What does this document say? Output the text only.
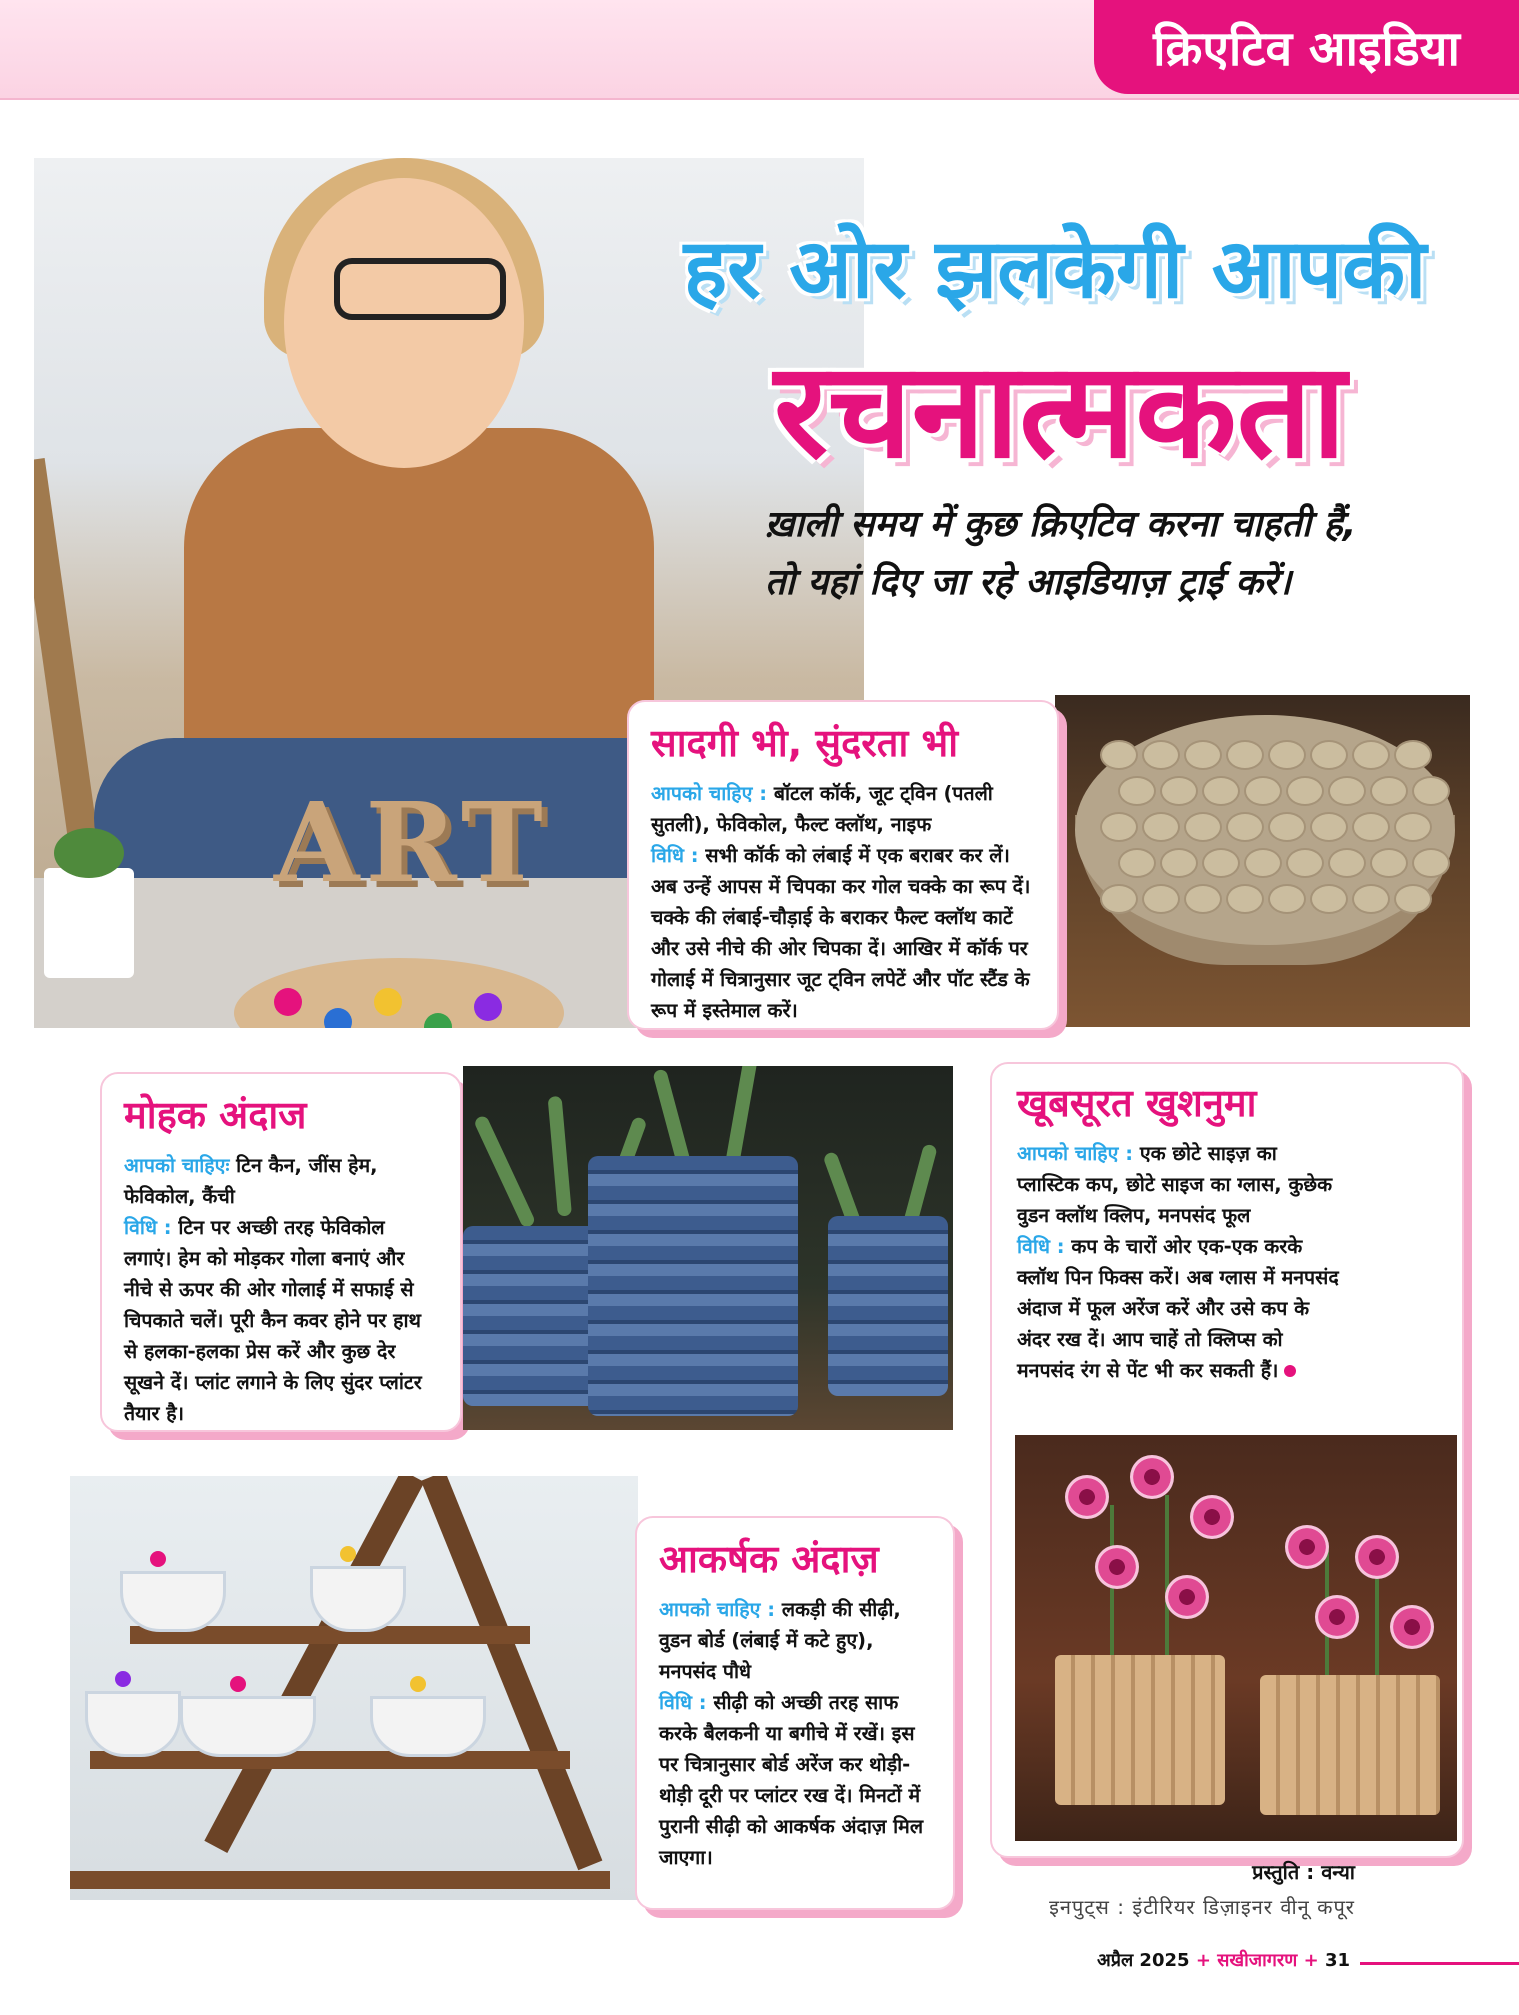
क्रिएटिव आइडिया
ART
हर ओर झलकेगी आपकी
रचनात्मकता
ख़ाली समय में कुछ क्रिएटिव करना चाहती हैं, तो यहां दिए जा रहे आइडियाज़ ट्राई करें।
सादगी भी, सुंदरता भी

आपको चाहिए : बॉटल कॉर्क, जूट ट्विन (पतली सुतली), फेविकोल, फैल्ट क्लॉथ, नाइफ
विधि : सभी कॉर्क को लंबाई में एक बराबर कर लें। अब उन्हें आपस में चिपका कर गोल चक्के का रूप दें। चक्के की लंबाई-चौड़ाई के बराकर फैल्ट क्लॉथ काटें और उसे नीचे की ओर चिपका दें। आखिर में कॉर्क पर गोलाई में चित्रानुसार जूट ट्विन लपेटें और पॉट स्टैंड के रूप में इस्तेमाल करें।

मोहक अंदाज

आपको चाहिएः टिन कैन, जींस हेम, फेविकोल, कैंची
विधि : टिन पर अच्छी तरह फेविकोल लगाएं। हेम को मोड़कर गोला बनाएं और नीचे से ऊपर की ओर गोलाई में सफाई से चिपकाते चलें। पूरी कैन कवर होने पर हाथ से हलका-हलका प्रेस करें और कुछ देर सूखने दें। प्लांट लगाने के लिए सुंदर प्लांटर तैयार है।

खूबसूरत खुशनुमा

आपको चाहिए : एक छोटे साइज़ का प्लास्टिक कप, छोटे साइज का ग्लास, कुछेक वुडन क्लॉथ क्लिप, मनपसंद फूल
विधि : कप के चारों ओर एक-एक करके क्लॉथ पिन फिक्स करें। अब ग्लास में मनपसंद अंदाज में फूल अरेंज करें और उसे कप के अंदर रख दें। आप चाहें तो क्लिप्स को मनपसंद रंग से पेंट भी कर सकती हैं।

आकर्षक अंदाज़

आपको चाहिए : लकड़ी की सीढ़ी, वुडन बोर्ड (लंबाई में कटे हुए), मनपसंद पौधे
विधि : सीढ़ी को अच्छी तरह साफ करके बैलकनी या बगीचे में रखें। इस पर चित्रानुसार बोर्ड अरेंज कर थोड़ी-थोड़ी दूरी पर प्लांटर रख दें। मिनटों में पुरानी सीढ़ी को आकर्षक अंदाज़ मिल जाएगा।

प्रस्तुति : वन्या
इनपुट्स : इंटीरियर डिज़ाइनर वीनू कपूर
अप्रैल 2025 + सखीजागरण + 31
